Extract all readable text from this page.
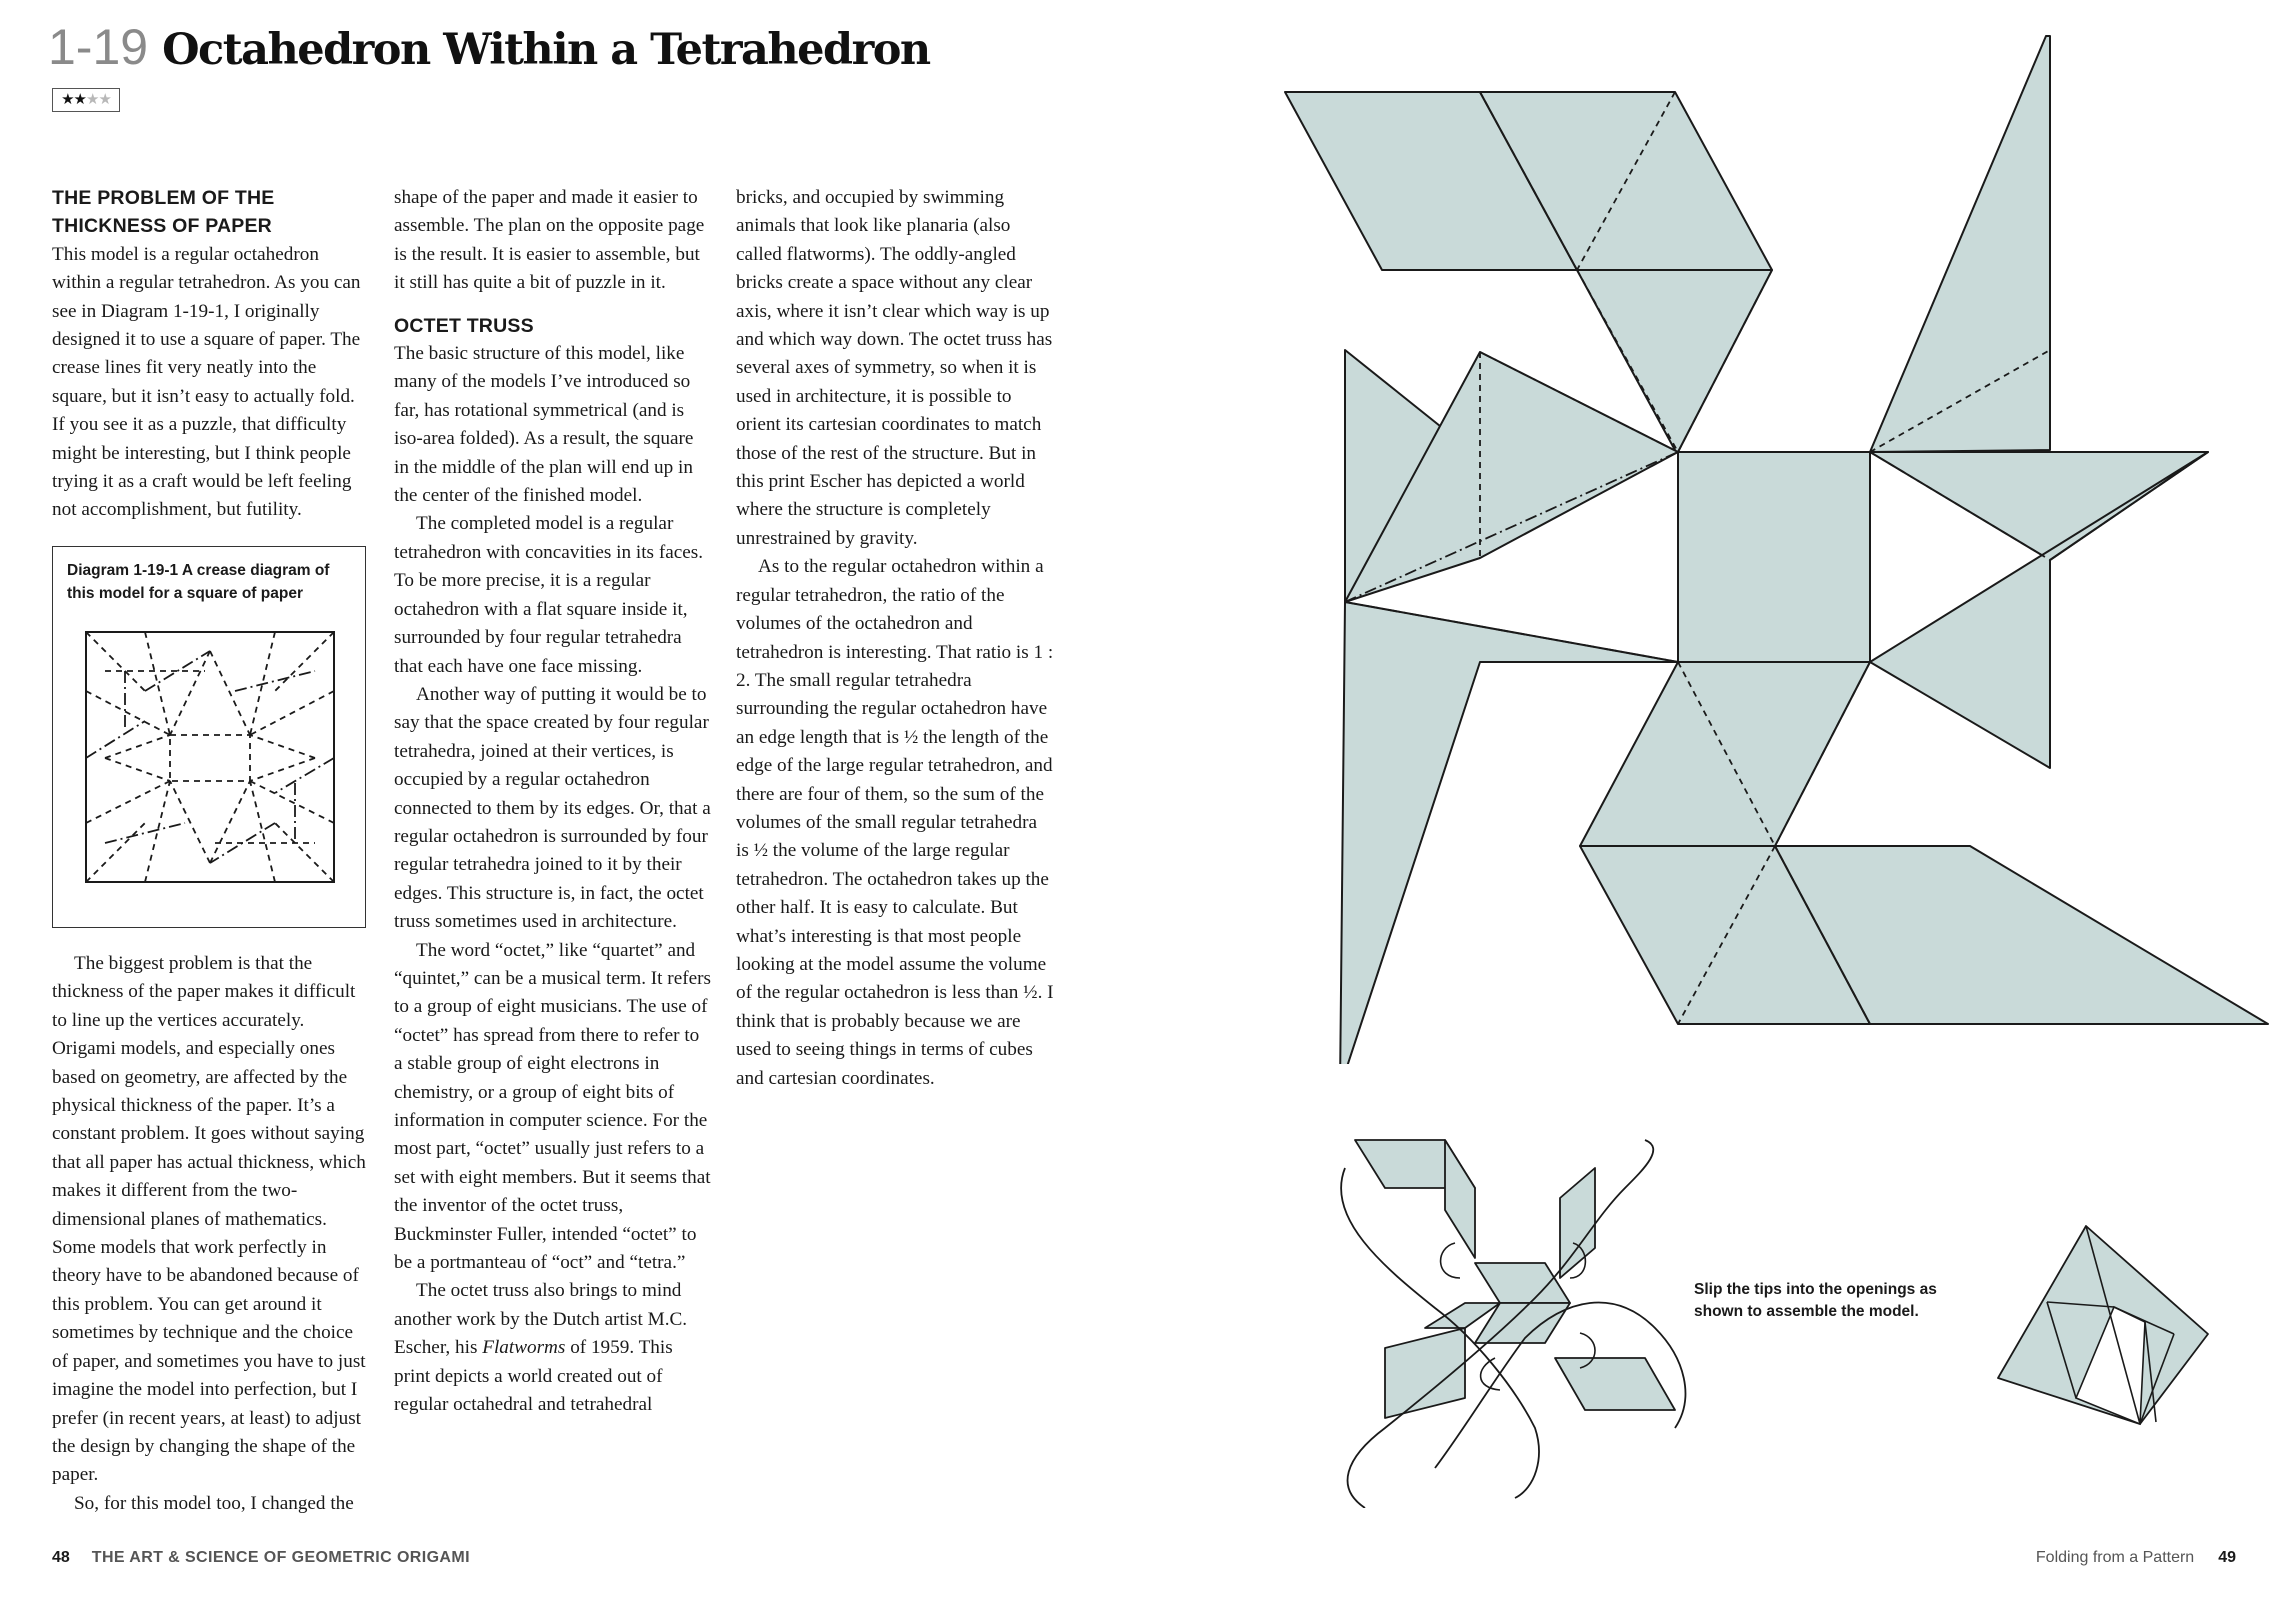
1-19 Octahedron Within a Tetrahedron
★★★★
THE PROBLEM OF THE THICKNESS OF PAPER

This model is a regular octahedron within a regular tetrahedron. As you can see in Diagram 1-19-1, I originally designed it to use a square of paper. The crease lines fit very neatly into the square, but it isn’t easy to actually fold. If you see it as a puzzle, that difficulty might be interesting, but I think people trying it as a craft would be left feeling not accomplishment, but futility.

Diagram 1-19-1 A crease diagram of this model for a square of paper

The biggest problem is that the thickness of the paper makes it difficult to line up the vertices accurately. Origami models, and especially ones based on geometry, are affected by the physical thickness of the paper. It’s a constant problem. It goes without saying that all paper has actual thickness, which makes it different from the two-dimensional planes of mathematics. Some models that work perfectly in theory have to be abandoned because of this problem. You can get around it sometimes by technique and the choice of paper, and sometimes you have to just imagine the model into perfection, but I prefer (in recent years, at least) to adjust the design by changing the shape of the paper.

So, for this model too, I changed the

shape of the paper and made it easier to assemble. The plan on the opposite page is the result. It is easier to assemble, but it still has quite a bit of puzzle in it.

OCTET TRUSS

The basic structure of this model, like many of the models I’ve introduced so far, has rotational symmetrical (and is iso-area folded). As a result, the square in the middle of the plan will end up in the center of the finished model.

The completed model is a regular tetrahedron with concavities in its faces. To be more precise, it is a regular octahedron with a flat square inside it, surrounded by four regular tetrahedra that each have one face missing.

Another way of putting it would be to say that the space created by four regular tetrahedra, joined at their vertices, is occupied by a regular octahedron connected to them by its edges. Or, that a regular octahedron is surrounded by four regular tetrahedra joined to it by their edges. This structure is, in fact, the octet truss sometimes used in architecture.

The word “octet,” like “quartet” and “quintet,” can be a musical term. It refers to a group of eight musicians. The use of “octet” has spread from there to refer to a stable group of eight electrons in chemistry, or a group of eight bits of information in computer science. For the most part, “octet” usually just refers to a set with eight members. But it seems that the inventor of the octet truss, Buckminster Fuller, intended “octet” to be a portmanteau of “oct” and “tetra.”

The octet truss also brings to mind another work by the Dutch artist M.C. Escher, his Flatworms of 1959. This print depicts a world created out of regular octahedral and tetrahedral

bricks, and occupied by swimming animals that look like planaria (also called flatworms). The oddly-angled bricks create a space without any clear axis, where it isn’t clear which way is up and which way down. The octet truss has several axes of symmetry, so when it is used in architecture, it is possible to orient its cartesian coordinates to match those of the rest of the structure. But in this print Escher has depicted a world where the structure is completely unrestrained by gravity.

As to the regular octahedron within a regular tetrahedron, the ratio of the volumes of the octahedron and tetrahedron is interesting. That ratio is 1 : 2. The small regular tetrahedra surrounding the regular octahedron have an edge length that is ½ the length of the edge of the large regular tetrahedron, and there are four of them, so the sum of the volumes of the small regular tetrahedra is ½ the volume of the large regular tetrahedron. The octahedron takes up the other half. It is easy to calculate. But what’s interesting is that most people looking at the model assume the volume of the regular octahedron is less than ½. I think that is probably because we are used to seeing things in terms of cubes and cartesian coordinates.

Slip the tips into the openings as shown to assemble the model.
48 THE ART & SCIENCE OF GEOMETRIC ORIGAMI	Folding from a Pattern 49
